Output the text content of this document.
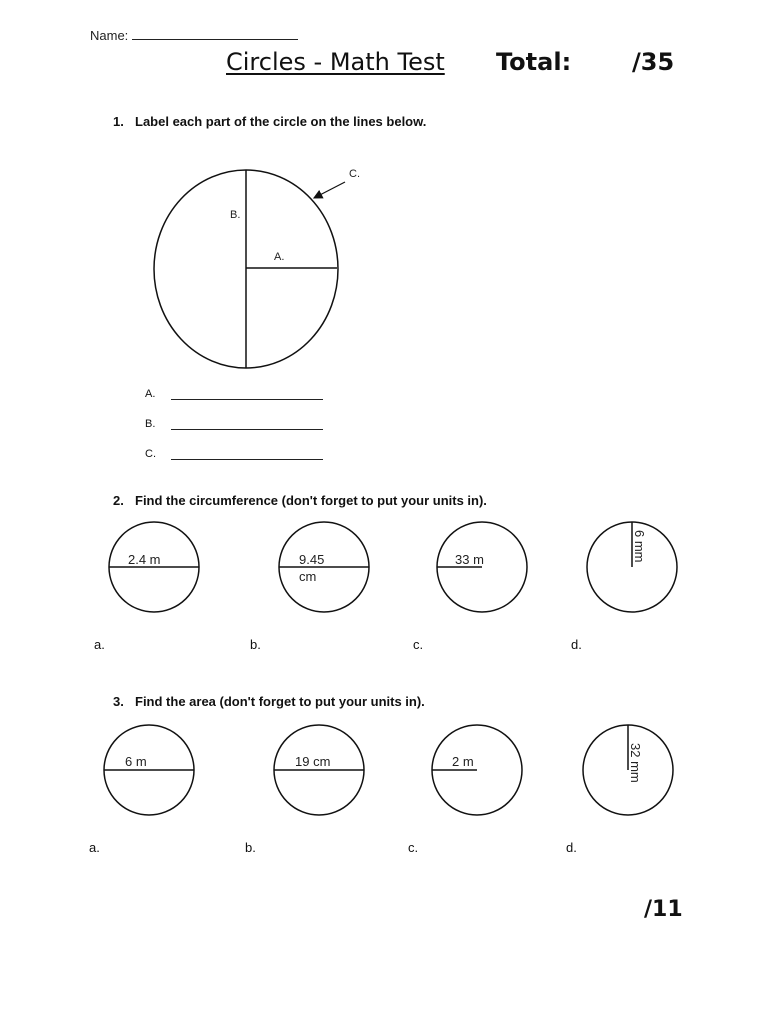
Name:
Circles - Math Test Total:	/35
1. Label each part of the circle on the lines below.
2. Find the circumference (don't forget to put your units in).
3. Find the area (don't forget to put your units in).
B.
A.
C.
2.4 m	9.45
cm
33 m	6 mm
6 m	19 cm	2 m	32 mm
A.
B.
C.
a.	b.	c.	d.
a.	b.	c.	d.
/11
